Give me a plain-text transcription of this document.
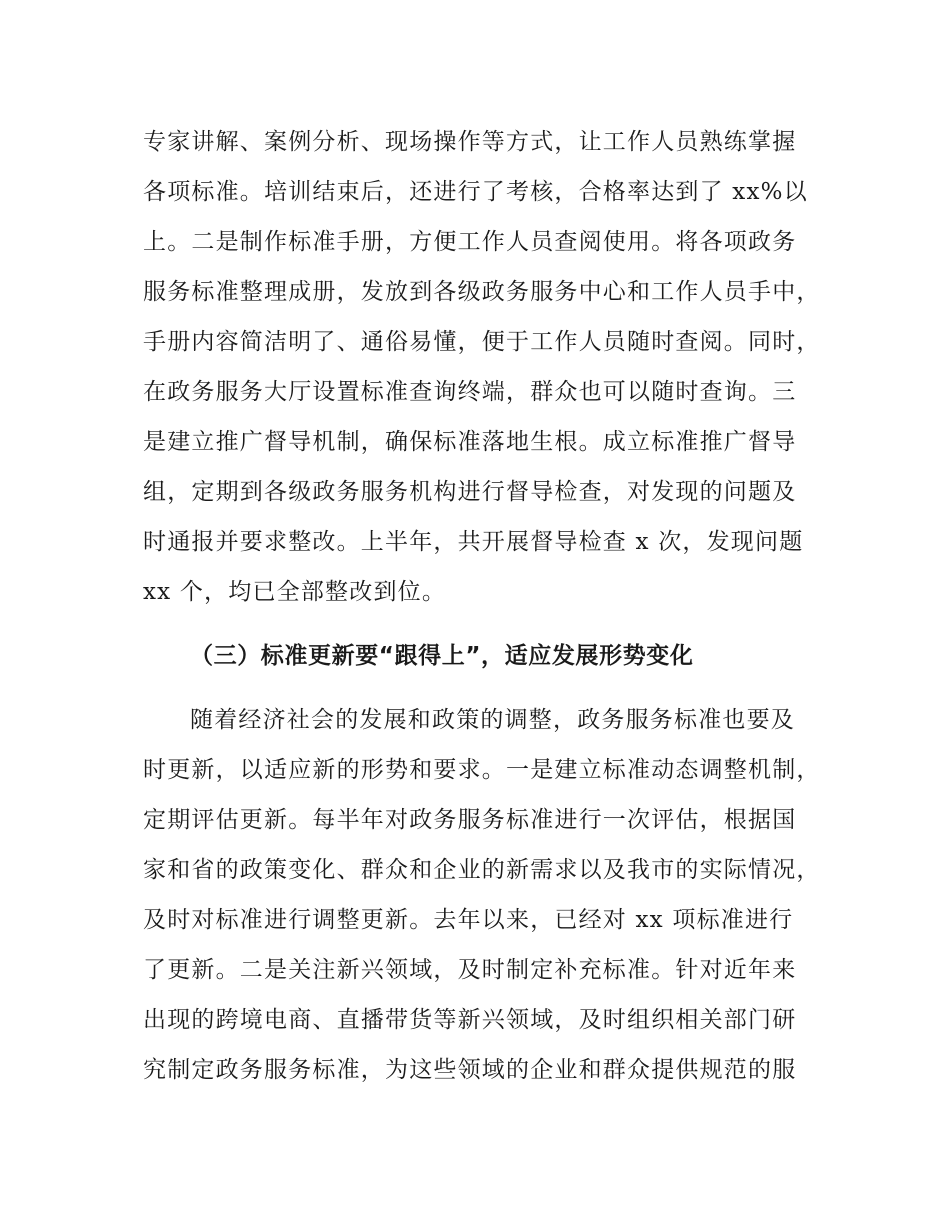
专家讲解、案例分析、现场操作等方式，让工作人员熟练掌握
各项标准。培训结束后，还进行了考核，合格率达到了 xx%以
上。二是制作标准手册，方便工作人员查阅使用。将各项政务
服务标准整理成册，发放到各级政务服务中心和工作人员手中，
手册内容简洁明了、通俗易懂，便于工作人员随时查阅。同时，
在政务服务大厅设置标准查询终端，群众也可以随时查询。三
是建立推广督导机制，确保标准落地生根。成立标准推广督导
组，定期到各级政务服务机构进行督导检查，对发现的问题及
时通报并要求整改。上半年，共开展督导检查 x 次，发现问题
xx 个，均已全部整改到位。
（三）标准更新要“跟得上”，适应发展形势变化
随着经济社会的发展和政策的调整，政务服务标准也要及
时更新，以适应新的形势和要求。一是建立标准动态调整机制，
定期评估更新。每半年对政务服务标准进行一次评估，根据国
家和省的政策变化、群众和企业的新需求以及我市的实际情况，
及时对标准进行调整更新。去年以来，已经对 xx 项标准进行
了更新。二是关注新兴领域，及时制定补充标准。针对近年来
出现的跨境电商、直播带货等新兴领域，及时组织相关部门研
究制定政务服务标准，为这些领域的企业和群众提供规范的服
